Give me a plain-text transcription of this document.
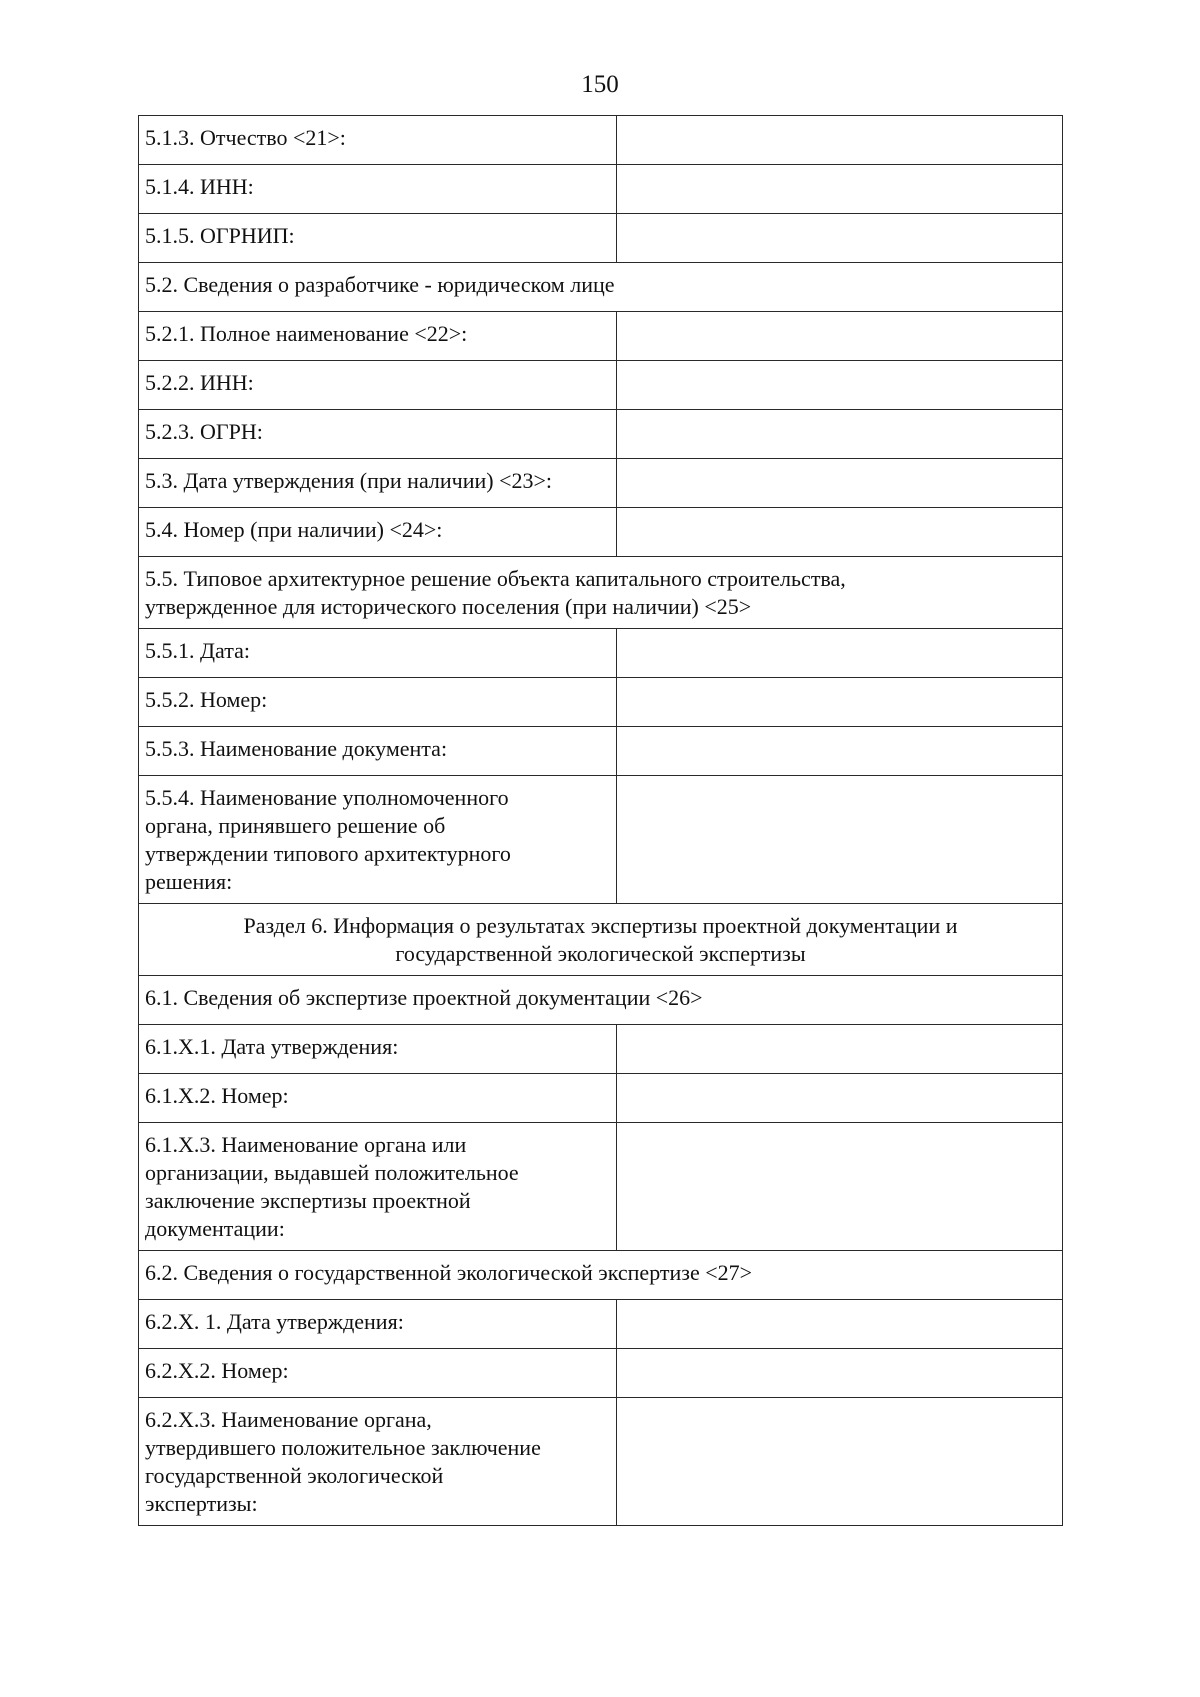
150
5.1.3. Отчество <21>:	
5.1.4. ИНН:	
5.1.5. ОГРНИП:	
5.2. Сведения о разработчике - юридическом лице	
5.2.1. Полное наименование <22>:	
5.2.2. ИНН:	
5.2.3. ОГРН:	
5.3. Дата утверждения (при наличии) <23>:	
5.4. Номер (при наличии) <24>:	

5.5. Типовое архитектурное решение объекта капитального строительства,
утвержденное для исторического поселения (при наличии) <25>	

5.5.1. Дата:	
5.5.2. Номер:	
5.5.3. Наименование документа:	

5.5.4. Наименование уполномоченного
органа, принявшего решение об
утверждении типового архитектурного
решения:	

Раздел 6. Информация о результатах экспертизы проектной документации и
государственной экологической экспертизы	

6.1. Сведения об экспертизе проектной документации <26>	
6.1.X.1. Дата утверждения:	
6.1.X.2. Номер:	

6.1.X.3. Наименование органа или
организации, выдавшей положительное
заключение экспертизы проектной
документации:	

6.2. Сведения о государственной экологической экспертизе <27>	
6.2.X. 1. Дата утверждения:	
6.2.X.2. Номер:	

6.2.X.3. Наименование органа,
утвердившего положительное заключение
государственной экологической
экспертизы:	
